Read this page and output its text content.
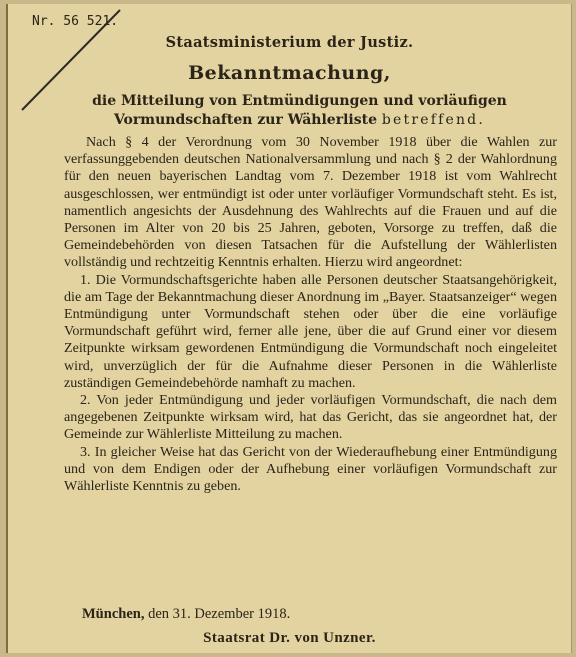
Nr. 56 521.
Staatsministerium der Justiz.
Bekanntmachung,
die Mitteilung von Entmündigungen und vorläufigen
Vormundschaften zur Wählerliste betreffend.

Nach § 4 der Verordnung vom 30 November 1918 über die Wahlen zur verfassunggebenden deutschen Nationalversammlung und nach § 2 der Wahlordnung für den neuen bayerischen Landtag vom 7. Dezember 1918 ist vom Wahlrecht ausgeschlossen, wer entmündigt ist oder unter vorläufiger Vormundschaft steht. Es ist, namentlich angesichts der Ausdehnung des Wahlrechts auf die Frauen und auf die Personen im Alter von 20 bis 25 Jahren, geboten, Vorsorge zu treffen, daß die Gemeindebehörden von diesen Tatsachen für die Aufstellung der Wählerlisten vollständig und rechtzeitig Kenntnis erhalten. Hierzu wird angeordnet:

1. Die Vormundschaftsgerichte haben alle Personen deutscher Staatsangehörigkeit, die am Tage der Bekanntmachung dieser Anordnung im „Bayer. Staatsanzeiger“ wegen Entmündigung unter Vormundschaft stehen oder über die eine vorläufige Vormundschaft geführt wird, ferner alle jene, über die auf Grund einer vor diesem Zeitpunkte wirksam gewordenen Entmündigung die Vormundschaft noch eingeleitet wird, unverzüglich der für die Aufnahme dieser Personen in die Wählerliste zuständigen Gemeindebehörde namhaft zu machen.

2. Von jeder Entmündigung und jeder vorläufigen Vormundschaft, die nach dem angegebenen Zeitpunkte wirksam wird, hat das Gericht, das sie angeordnet hat, der Gemeinde zur Wählerliste Mitteilung zu machen.

3. In gleicher Weise hat das Gericht von der Wiederaufhebung einer Entmündigung und von dem Endigen oder der Aufhebung einer vorläufigen Vormundschaft zur Wählerliste Kenntnis zu geben.

München, den 31. Dezember 1918.
Staatsrat Dr. von Unzner.
